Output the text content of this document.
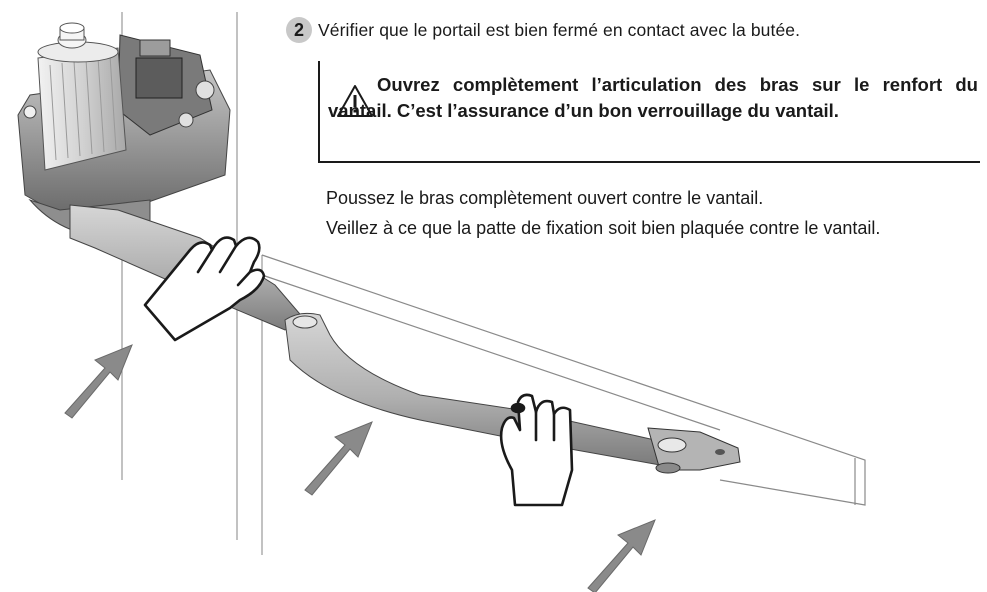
2 Vérifier que le portail est bien fermé en contact avec la butée.
Ouvrez complètement l’articulation des bras sur le renfort du vantail. C’est l’assurance d’un bon verrouillage du vantail.

Poussez le bras complètement ouvert contre le vantail.

Veillez à ce que la patte de fixation soit bien plaquée contre le vantail.
